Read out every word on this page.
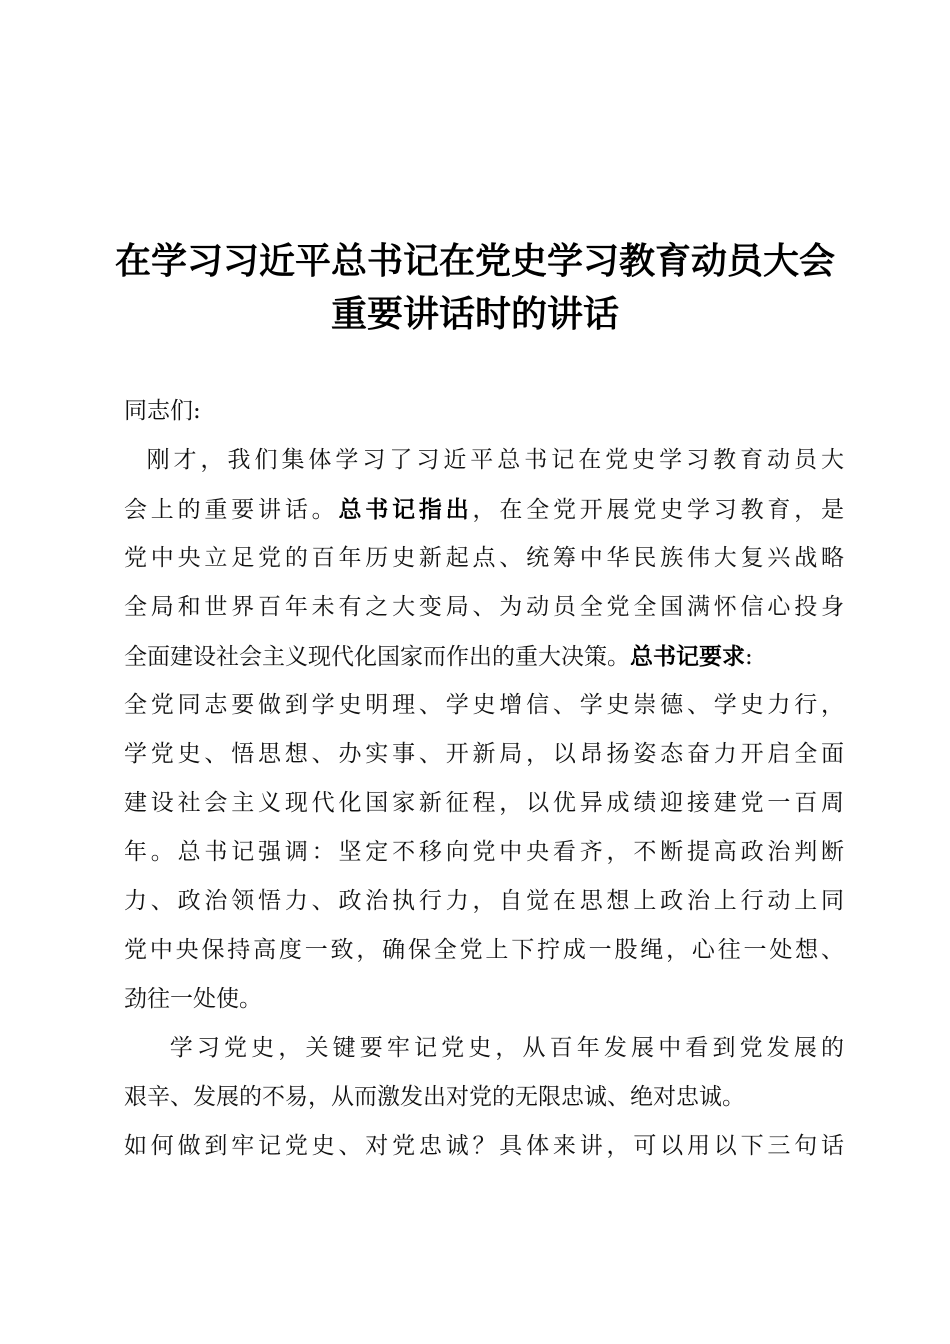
在学习习近平总书记在党史学习教育动员大会
重要讲话时的讲话
同志们:
刚才，我们集体学习了习近平总书记在党史学习教育动员大
会上的重要讲话。总书记指出，在全党开展党史学习教育，是
党中央立足党的百年历史新起点、统筹中华民族伟大复兴战略
全局和世界百年未有之大变局、为动员全党全国满怀信心投身
全面建设社会主义现代化国家而作出的重大决策。总书记要求:
全党同志要做到学史明理、学史增信、学史崇德、学史力行，
学党史、悟思想、办实事、开新局，以昂扬姿态奋力开启全面
建设社会主义现代化国家新征程，以优异成绩迎接建党一百周
年。总书记强调：坚定不移向党中央看齐，不断提高政治判断
力、政治领悟力、政治执行力，自觉在思想上政治上行动上同
党中央保持高度一致，确保全党上下拧成一股绳，心往一处想、
劲往一处使。
学习党史，关键要牢记党史，从百年发展中看到党发展的
艰辛、发展的不易，从而激发出对党的无限忠诚、绝对忠诚。
如何做到牢记党史、对党忠诚？具体来讲，可以用以下三句话
